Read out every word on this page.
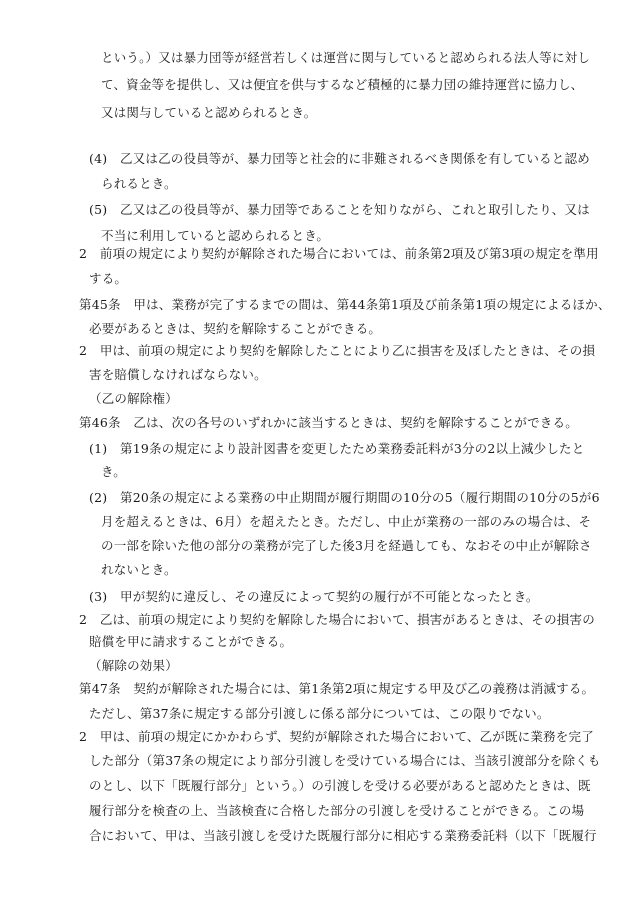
という。）又は暴力団等が経営若しくは運営に関与していると認められる法人等に対し
て、資金等を提供し、又は便宜を供与するなど積極的に暴力団の維持運営に協力し、
又は関与していると認められるとき。
(4)　乙又は乙の役員等が、暴力団等と社会的に非難されるべき関係を有していると認め
られるとき。
(5)　乙又は乙の役員等が、暴力団等であることを知りながら、これと取引したり、又は
不当に利用していると認められるとき。
2　前項の規定により契約が解除された場合においては、前条第2項及び第3項の規定を準用
する。
第45条　甲は、業務が完了するまでの間は、第44条第1項及び前条第1項の規定によるほか、
必要があるときは、契約を解除することができる。
2　甲は、前項の規定により契約を解除したことにより乙に損害を及ぼしたときは、その損
害を賠償しなければならない。
（乙の解除権）
第46条　乙は、次の各号のいずれかに該当するときは、契約を解除することができる。
(1)　第19条の規定により設計図書を変更したため業務委託料が3分の2以上減少したと
き。
(2)　第20条の規定による業務の中止期間が履行期間の10分の5（履行期間の10分の5が6
月を超えるときは、6月）を超えたとき。ただし、中止が業務の一部のみの場合は、そ
の一部を除いた他の部分の業務が完了した後3月を経過しても、なおその中止が解除さ
れないとき。
(3)　甲が契約に違反し、その違反によって契約の履行が不可能となったとき。
2　乙は、前項の規定により契約を解除した場合において、損害があるときは、その損害の
賠償を甲に請求することができる。
（解除の効果）
第47条　契約が解除された場合には、第1条第2項に規定する甲及び乙の義務は消滅する。
ただし、第37条に規定する部分引渡しに係る部分については、この限りでない。
2　甲は、前項の規定にかかわらず、契約が解除された場合において、乙が既に業務を完了
した部分（第37条の規定により部分引渡しを受けている場合には、当該引渡部分を除くも
のとし、以下「既履行部分」という。）の引渡しを受ける必要があると認めたときは、既
履行部分を検査の上、当該検査に合格した部分の引渡しを受けることができる。この場
合において、甲は、当該引渡しを受けた既履行部分に相応する業務委託料（以下「既履行
